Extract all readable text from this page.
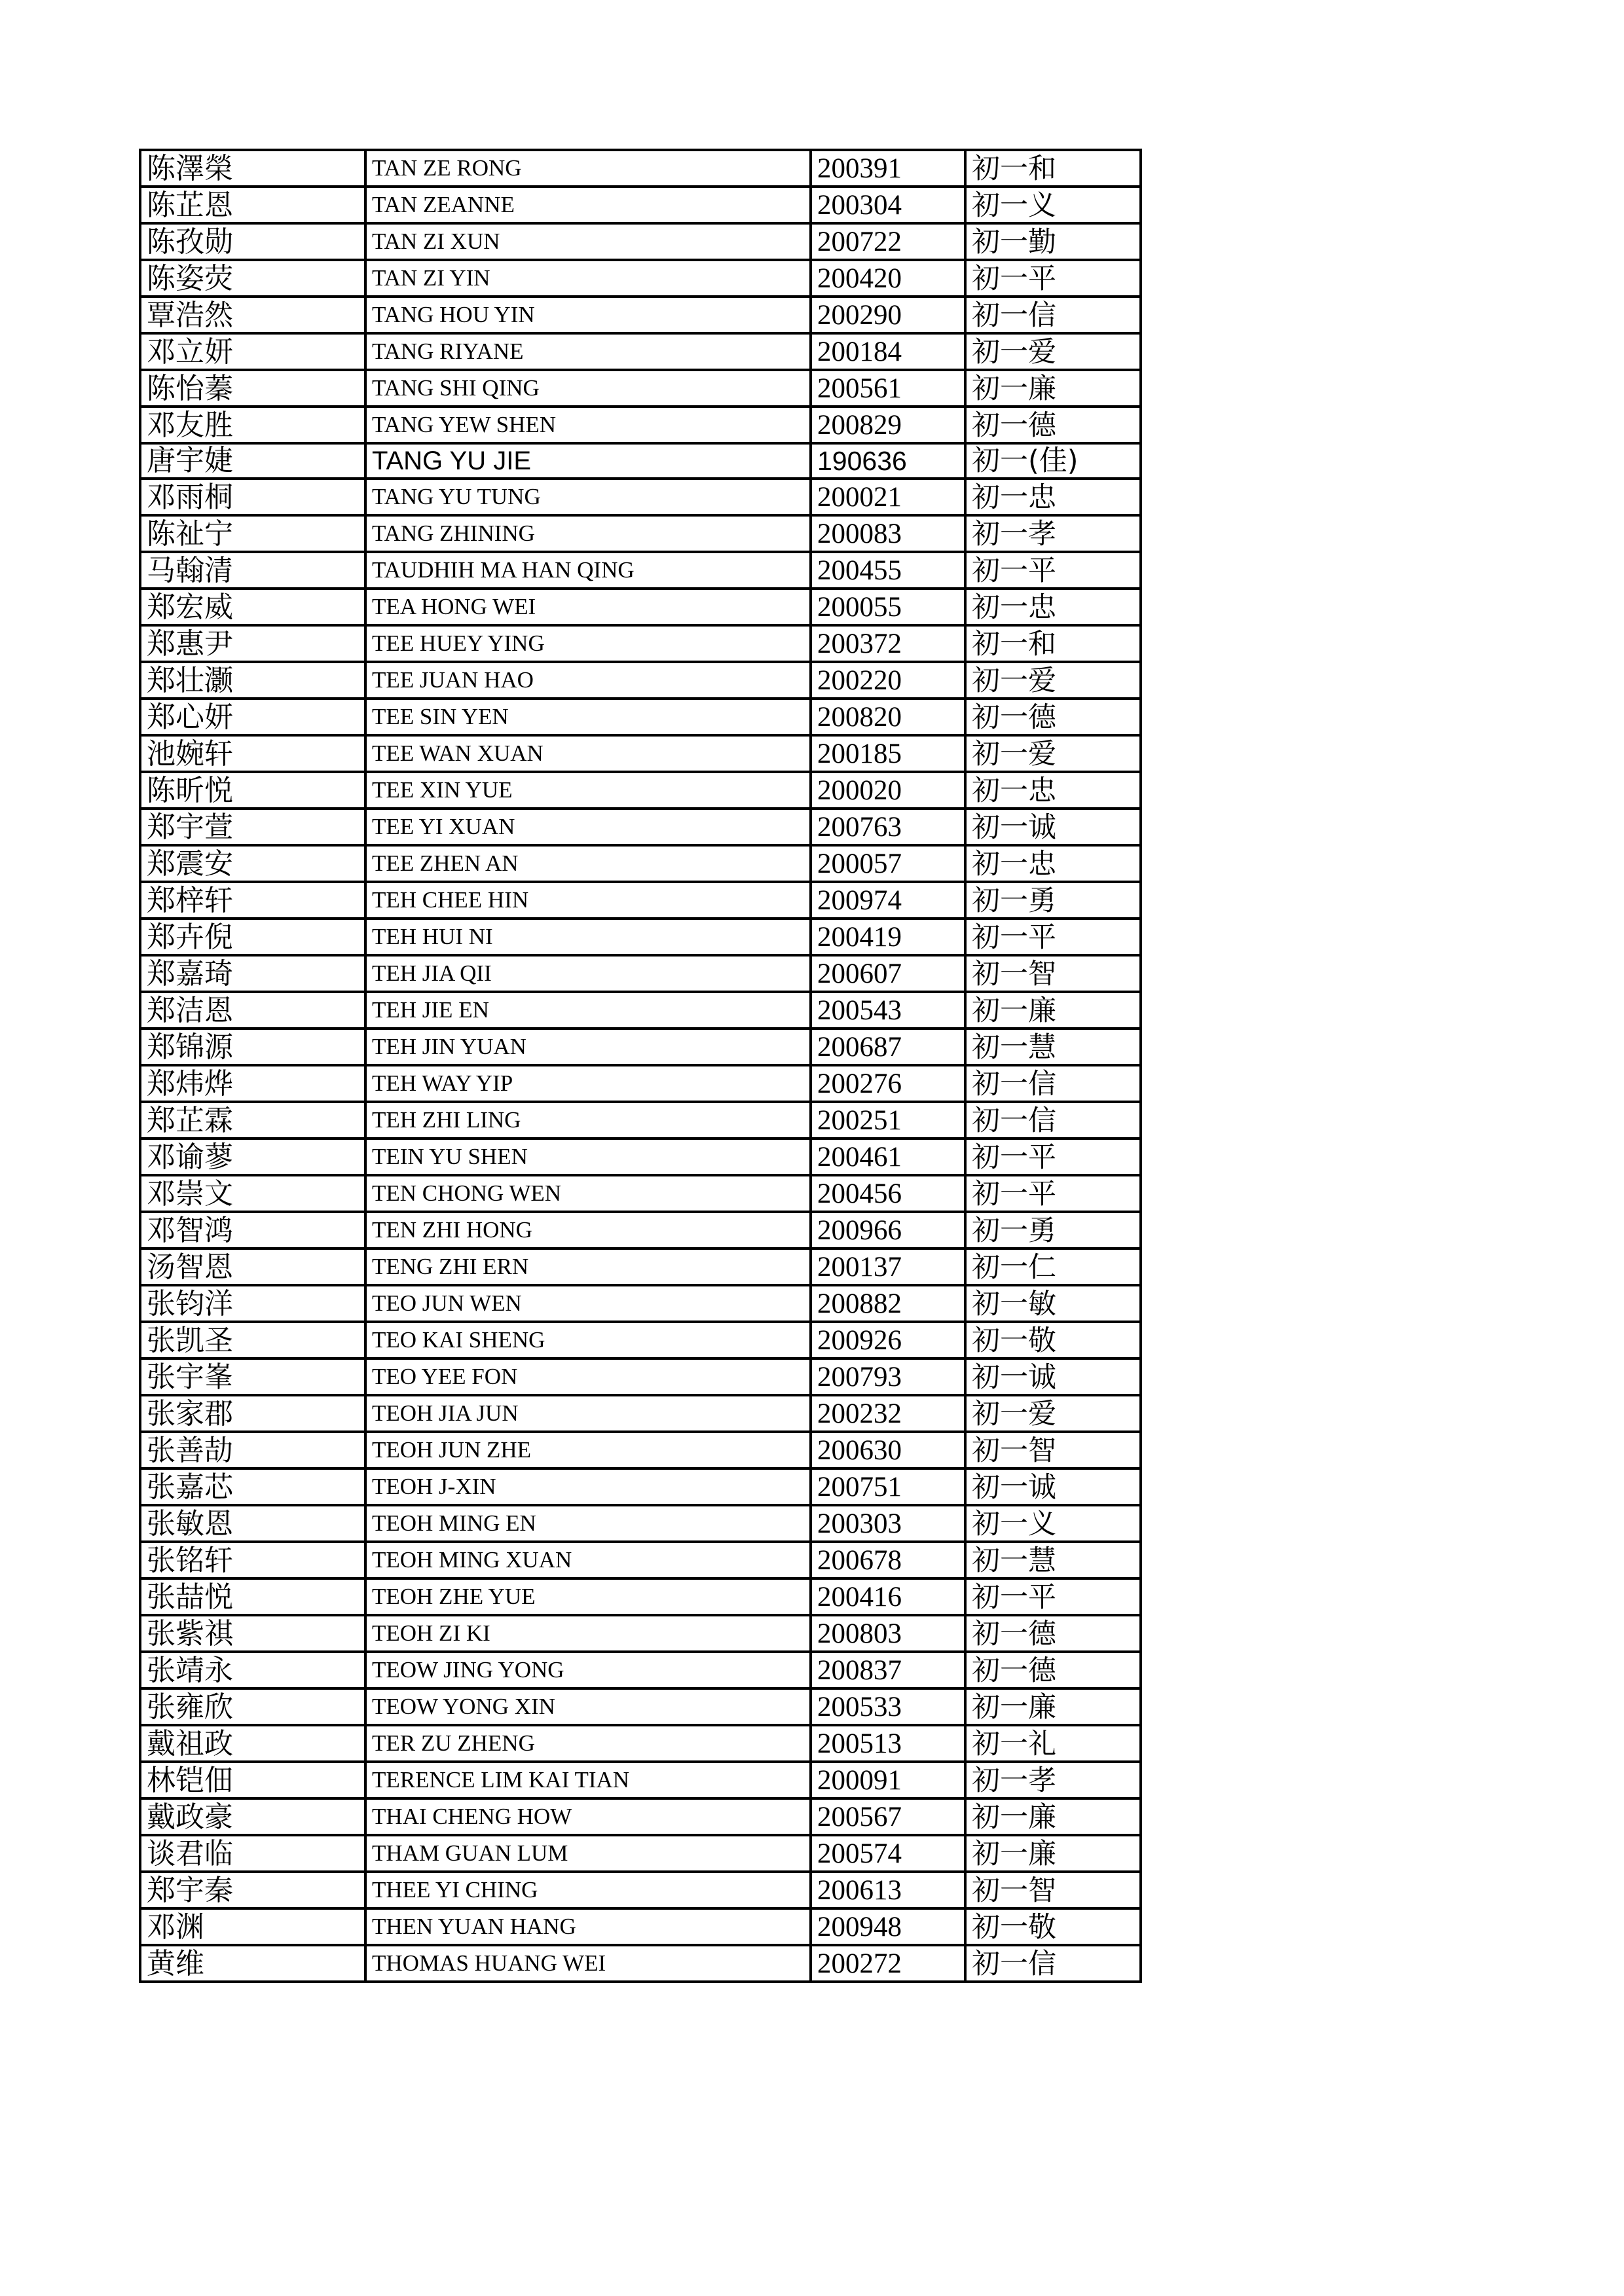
陈澤榮	TAN ZE RONG	200391	初一和
陈芷恩	TAN ZEANNE	200304	初一义
陈孜勋	TAN ZI XUN	200722	初一勤
陈姿荧	TAN ZI YIN	200420	初一平
覃浩然	TANG HOU YIN	200290	初一信
邓立妍	TANG RIYANE	200184	初一爱
陈怡蓁	TANG SHI QING	200561	初一廉
邓友胜	TANG YEW SHEN	200829	初一德
唐宇婕	TANG YU JIE	190636	初一(佳)
邓雨桐	TANG YU TUNG	200021	初一忠
陈祉宁	TANG ZHINING	200083	初一孝
马翰清	TAUDHIH MA HAN QING	200455	初一平
郑宏威	TEA HONG WEI	200055	初一忠
郑惠尹	TEE HUEY YING	200372	初一和
郑壮灏	TEE JUAN HAO	200220	初一爱
郑心妍	TEE SIN YEN	200820	初一德
池婉轩	TEE WAN XUAN	200185	初一爱
陈昕悦	TEE XIN YUE	200020	初一忠
郑宇萱	TEE YI XUAN	200763	初一诚
郑震安	TEE ZHEN AN	200057	初一忠
郑梓轩	TEH CHEE HIN	200974	初一勇
郑卉倪	TEH HUI NI	200419	初一平
郑嘉琦	TEH JIA QII	200607	初一智
郑洁恩	TEH JIE EN	200543	初一廉
郑锦源	TEH JIN YUAN	200687	初一慧
郑炜烨	TEH WAY YIP	200276	初一信
郑芷霖	TEH ZHI LING	200251	初一信
邓谕蓼	TEIN YU SHEN	200461	初一平
邓崇文	TEN CHONG WEN	200456	初一平
邓智鸿	TEN ZHI HONG	200966	初一勇
汤智恩	TENG ZHI ERN	200137	初一仁
张钧洋	TEO JUN WEN	200882	初一敏
张凯圣	TEO KAI SHENG	200926	初一敬
张宇峯	TEO YEE FON	200793	初一诚
张家郡	TEOH JIA JUN	200232	初一爱
张善劼	TEOH JUN ZHE	200630	初一智
张嘉芯	TEOH J-XIN	200751	初一诚
张敏恩	TEOH MING EN	200303	初一义
张铭轩	TEOH MING XUAN	200678	初一慧
张喆悦	TEOH ZHE YUE	200416	初一平
张紫祺	TEOH ZI KI	200803	初一德
张靖永	TEOW JING YONG	200837	初一德
张雍欣	TEOW YONG XIN	200533	初一廉
戴祖政	TER ZU ZHENG	200513	初一礼
林铠佃	TERENCE LIM KAI TIAN	200091	初一孝
戴政豪	THAI CHENG HOW	200567	初一廉
谈君临	THAM GUAN LUM	200574	初一廉
郑宇秦	THEE YI CHING	200613	初一智
邓渊	THEN YUAN HANG	200948	初一敬
黄维	THOMAS HUANG WEI	200272	初一信
